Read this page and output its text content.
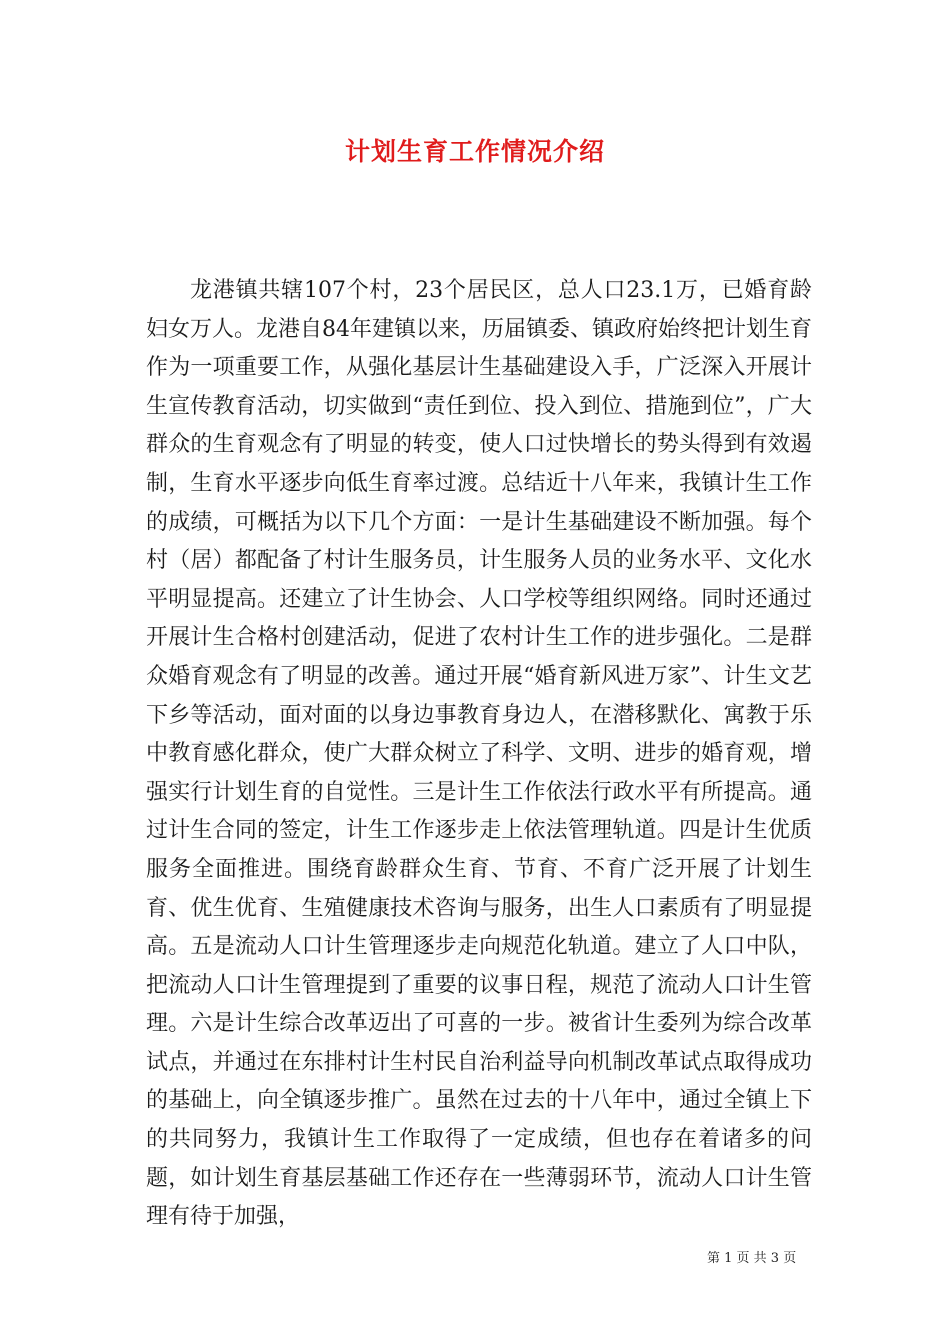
计划生育工作情况介绍

龙港镇共辖107个村，23个居民区，总人口23.1万，已婚育龄妇女万人。龙港自84年建镇以来，历届镇委、镇政府始终把计划生育作为一项重要工作，从强化基层计生基础建设入手，广泛深入开展计生宣传教育活动，切实做到“责任到位、投入到位、措施到位”，广大群众的生育观念有了明显的转变，使人口过快增长的势头得到有效遏制，生育水平逐步向低生育率过渡。总结近十八年来，我镇计生工作的成绩，可概括为以下几个方面：一是计生基础建设不断加强。每个村（居）都配备了村计生服务员，计生服务人员的业务水平、文化水平明显提高。还建立了计生协会、人口学校等组织网络。同时还通过开展计生合格村创建活动，促进了农村计生工作的进步强化。二是群众婚育观念有了明显的改善。通过开展“婚育新风进万家”、计生文艺下乡等活动，面对面的以身边事教育身边人，在潜移默化、寓教于乐中教育感化群众，使广大群众树立了科学、文明、进步的婚育观，增强实行计划生育的自觉性。三是计生工作依法行政水平有所提高。通过计生合同的签定，计生工作逐步走上依法管理轨道。四是计生优质服务全面推进。围绕育龄群众生育、节育、不育广泛开展了计划生育、优生优育、生殖健康技术咨询与服务，出生人口素质有了明显提高。五是流动人口计生管理逐步走向规范化轨道。建立了人口中队，把流动人口计生管理提到了重要的议事日程，规范了流动人口计生管理。六是计生综合改革迈出了可喜的一步。被省计生委列为综合改革试点，并通过在东排村计生村民自治利益导向机制改革试点取得成功的基础上，向全镇逐步推广。虽然在过去的十八年中，通过全镇上下的共同努力，我镇计生工作取得了一定成绩，但也存在着诸多的问题，如计划生育基层基础工作还存在一些薄弱环节，流动人口计生管理有待于加强，

第 1 页 共 3 页
